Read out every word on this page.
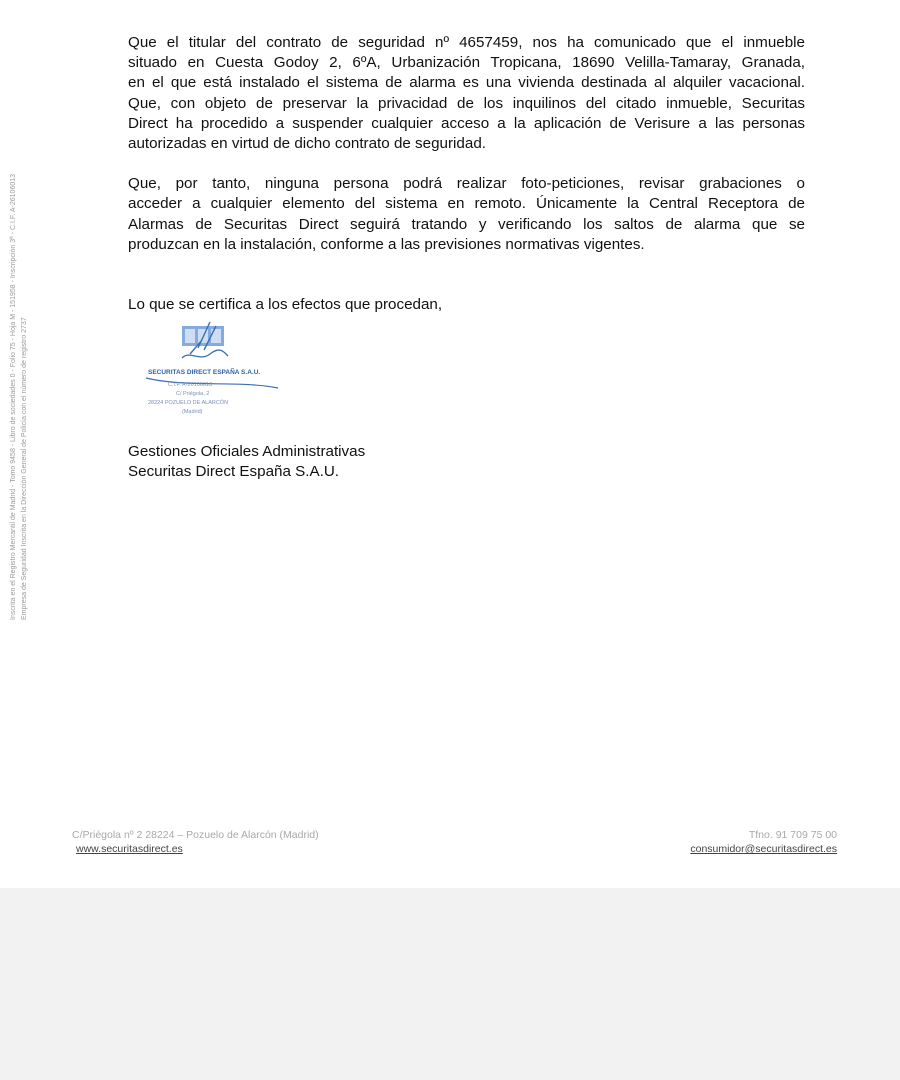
Inscrita en el Registro Mercantil de Madrid - Tomo 9458 - Libro de sociedades 0 - Folio 75 - Hoja M - 151958 - Inscripción 3ª - C.I.F. A-26106013 Empresa de Seguridad Inscrita en la Dirección General de Policía con el número de registro 2737

Que el titular del contrato de seguridad nº 4657459, nos ha comunicado que el inmueble
situado en Cuesta Godoy 2, 6ºA, Urbanización Tropicana, 18690 Velilla-Tamaray, Granada,
en el que está instalado el sistema de alarma es una vivienda destinada al alquiler vacacional.
Que, con objeto de preservar la privacidad de los inquilinos del citado inmueble, Securitas
Direct ha procedido a suspender cualquier acceso a la aplicación de Verisure a las personas
autorizadas en virtud de dicho contrato de seguridad.

Que, por tanto, ninguna persona podrá realizar foto-peticiones, revisar grabaciones o
acceder a cualquier elemento del sistema en remoto. Únicamente la Central Receptora de
Alarmas de Securitas Direct seguirá tratando y verificando los saltos de alarma que se
produzcan en la instalación, conforme a las previsiones normativas vigentes.

Lo que se certifica a los efectos que procedan,
SECURITAS DIRECT ESPAÑA S.A.U.
C.I.F. A-26106013
C/ Priégola, 2
28224 POZUELO DE ALARCÓN
(Madrid)
Gestiones Oficiales Administrativas
Securitas Direct España S.A.U.
C/Priégola nº 2 28224 – Pozuelo de Alarcón (Madrid)
www.securitasdirect.es
Tfno. 91 709 75 00
consumidor@securitasdirect.es
